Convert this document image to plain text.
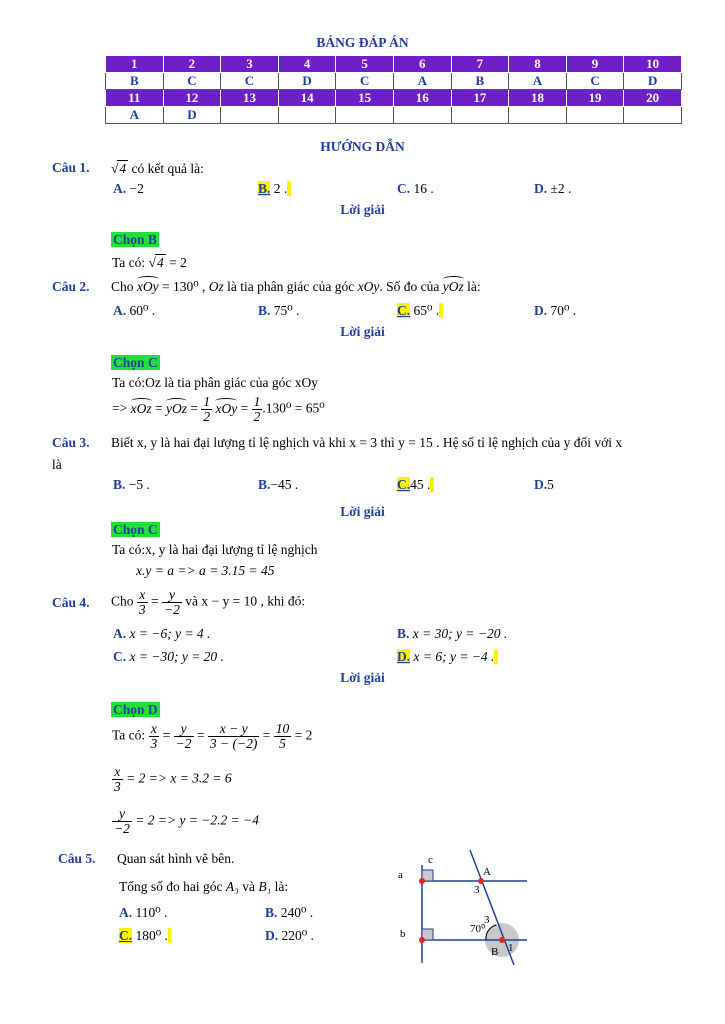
BẢNG ĐÁP ÁN
1	2	3	4	5	6	7	8	9	10
B	C	C	D	C	A	B	A	C	D
11	12	13	14	15	16	17	18	19	20
A	D								
HƯỚNG DẪN
Câu 1. √4 có kết quả là:
A. −2	B. 2 .	C. 16 .	D. ±2 .
Lời giải
Chọn B
Ta có: √4 = 2
Câu 2. Cho xOy = 130⁰ , Oz là tia phân giác của góc xOy. Số đo của yOz là:
A. 60⁰ .	B. 75⁰ .	C. 65⁰ .	D. 70⁰ .
Lời giải
Chọn C
Ta có:Oz là tia phân giác của góc xOy
=> xOz = yOz = $\frac{1}{2}$ xOy = $\frac{1}{2} .130^0 = 65^0$
Câu 3. Biết x, y là hai đại lượng tỉ lệ nghịch và khi x = 3 thì y = 15 . Hệ số tỉ lệ nghịch của y đối với x
là
B. −5 .	B.−45 .	C.45 .	D.5
Lời giải
Chọn C
Ta có:x, y là hai đại lượng tỉ lệ nghịch
x.y = a => a = 3.15 = 45
Câu 4. Cho $\frac{x}{3} = \frac{y}{-2}$ và x − y = 10 , khi đó:
A. x = −6; y = 4 .	B. x = 30; y = −20 .
C. x = −30; y = 20 .	D. x = 6; y = −4 .
Lời giải
Chọn D
Ta có: $\frac{x}{3} = \frac{y}{-2} = \frac{x - y}{3 - (-2)} = \frac{10}{5} = 2$
$\frac{x}{3} = 2 => x = 3.2 = 6$
$\frac{y}{-2} = 2 => y = -2.2 = -4$
Câu 5. Quan sát hình vẽ bên.
Tổng số đo hai góc A₃ và B₁ là:
A. 110⁰ .	B. 240⁰ .
C. 180⁰ .	D. 220⁰ .
a
b
c
A
3
3
70⁰
B 1
